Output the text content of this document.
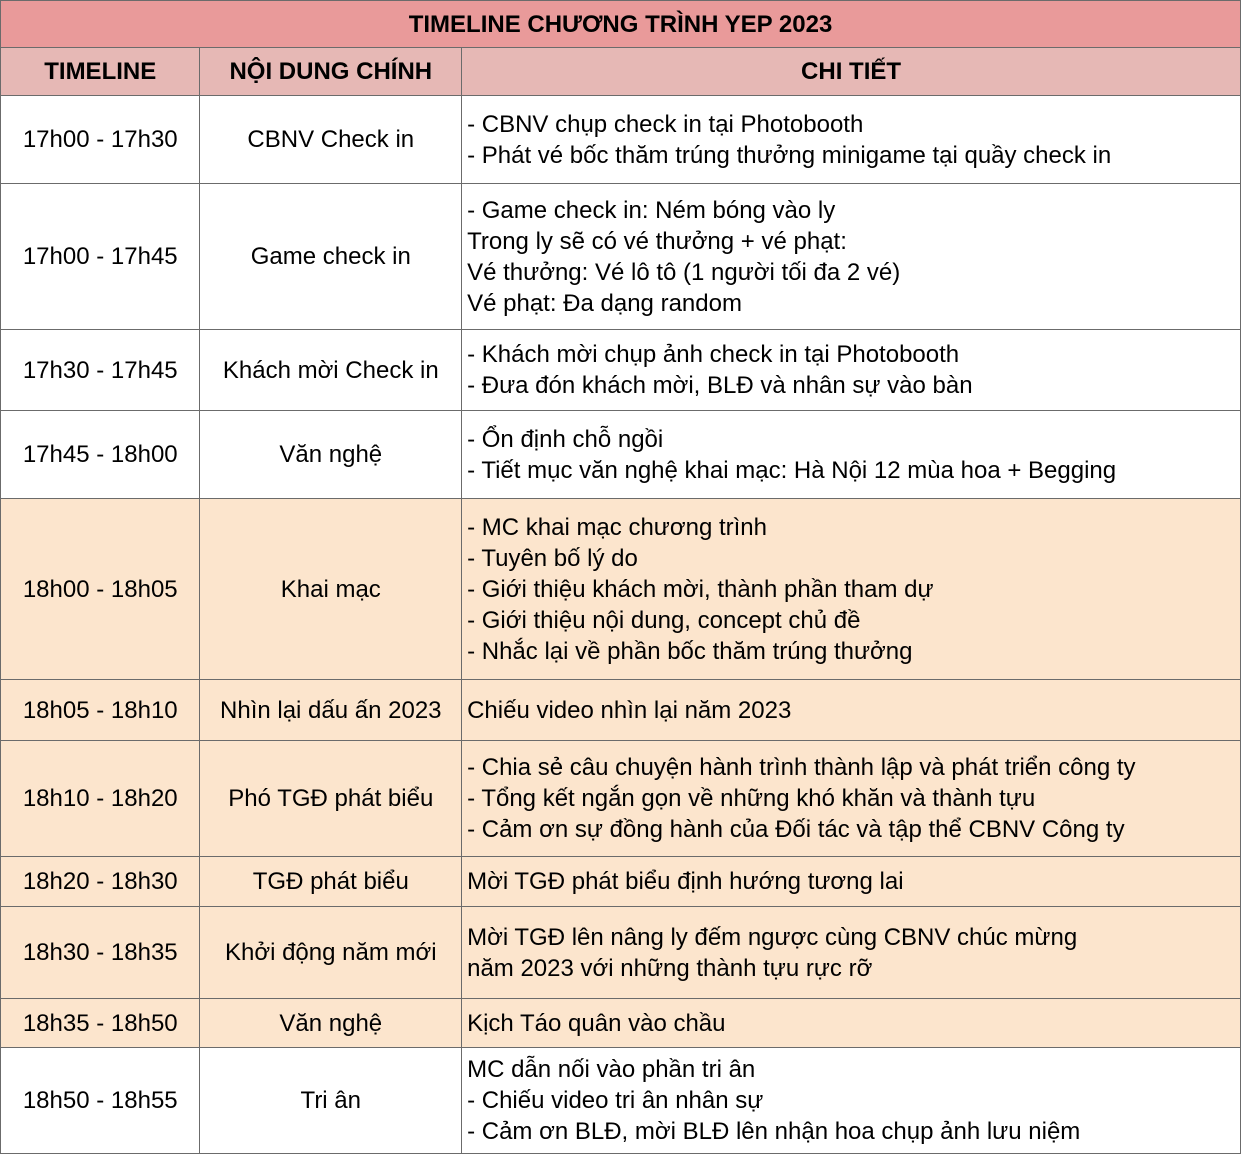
TIMELINE CHƯƠNG TRÌNH YEP 2023		
TIMELINE	NỘI DUNG CHÍNH	CHI TIẾT
17h00 - 17h30	CBNV Check in	- CBNV chụp check in tại Photobooth
- Phát vé bốc thăm trúng thưởng minigame tại quầy check in

17h00 - 17h45	Game check in	- Game check in: Ném bóng vào ly
Trong ly sẽ có vé thưởng + vé phạt:
Vé thưởng: Vé lô tô (1 người tối đa 2 vé)
Vé phạt: Đa dạng random

17h30 - 17h45	Khách mời Check in	- Khách mời chụp ảnh check in tại Photobooth
- Đưa đón khách mời, BLĐ và nhân sự vào bàn

17h45 - 18h00	Văn nghệ	- Ổn định chỗ ngồi
- Tiết mục văn nghệ khai mạc: Hà Nội 12 mùa hoa + Begging

18h00 - 18h05	Khai mạc	- MC khai mạc chương trình
- Tuyên bố lý do
- Giới thiệu khách mời, thành phần tham dự
- Giới thiệu nội dung, concept chủ đề
- Nhắc lại về phần bốc thăm trúng thưởng

18h05 - 18h10	Nhìn lại dấu ấn 2023	Chiếu video nhìn lại năm 2023

18h10 - 18h20	Phó TGĐ phát biểu	- Chia sẻ câu chuyện hành trình thành lập và phát triển công ty
- Tổng kết ngắn gọn về những khó khăn và thành tựu
- Cảm ơn sự đồng hành của Đối tác và tập thể CBNV Công ty

18h20 - 18h30	TGĐ phát biểu	Mời TGĐ phát biểu định hướng tương lai

18h30 - 18h35	Khởi động năm mới	Mời TGĐ lên nâng ly đếm ngược cùng CBNV chúc mừng
năm 2023 với những thành tựu rực rỡ

18h35 - 18h50	Văn nghệ	Kịch Táo quân vào chầu

18h50 - 18h55	Tri ân	MC dẫn nối vào phần tri ân
- Chiếu video tri ân nhân sự
- Cảm ơn BLĐ, mời BLĐ lên nhận hoa chụp ảnh lưu niệm
